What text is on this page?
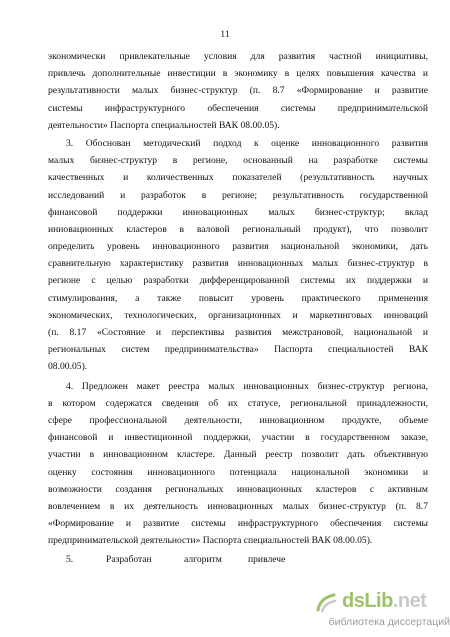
11
экономически привлекательные условия для развития частной инициативы,
привлечь дополнительные инвестиции в экономику в целях повышения качества и
результативности малых бизнес-структур (п. 8.7 «Формирование и развитие
системы инфраструктурного обеспечения системы предпринимательской
деятельности» Паспорта специальностей ВАК 08.00.05).
3. Обоснован методический подход к оценке инновационного развития
малых бизнес-структур в регионе, основанный на разработке системы
качественных и количественных показателей (результативность научных
исследований и разработок в регионе; результативность государственной
финансовой поддержки инновационных малых бизнес-структур; вклад
инновационных кластеров в валовой региональный продукт), что позволит
определить уровень инновационного развития национальной экономики, дать
сравнительную характеристику развития инновационных малых бизнес-структур в
регионе с целью разработки дифференцированной системы их поддержки и
стимулирования, а также повысит уровень практического применения
экономических, технологических, организационных и маркетинговых инноваций
(п. 8.17 «Состояние и перспективы развития межстрановой, национальной и
региональных систем предпринимательства» Паспорта специальностей ВАК
08.00.05).
4. Предложен макет реестра малых инновационных бизнес-структур региона,
в котором содержатся сведения об их статусе, региональной принадлежности,
сфере профессиональной деятельности, инновационном продукте, объеме
финансовой и инвестиционной поддержки, участии в государственном заказе,
участии в инновационном кластере. Данный реестр позволит дать объективную
оценку состояния инновационного потенциала национальной экономики и
возможности создания региональных инновационных кластеров с активным
вовлечением в их деятельность инновационных малых бизнес-структур (п. 8.7
«Формирование и развитие системы инфраструктурного обеспечения системы
предпринимательской деятельности» Паспорта специальностей ВАК 08.00.05).
5.	Разработан	алгоритм	привлече
dsLib.net
библиотека диссертаций
